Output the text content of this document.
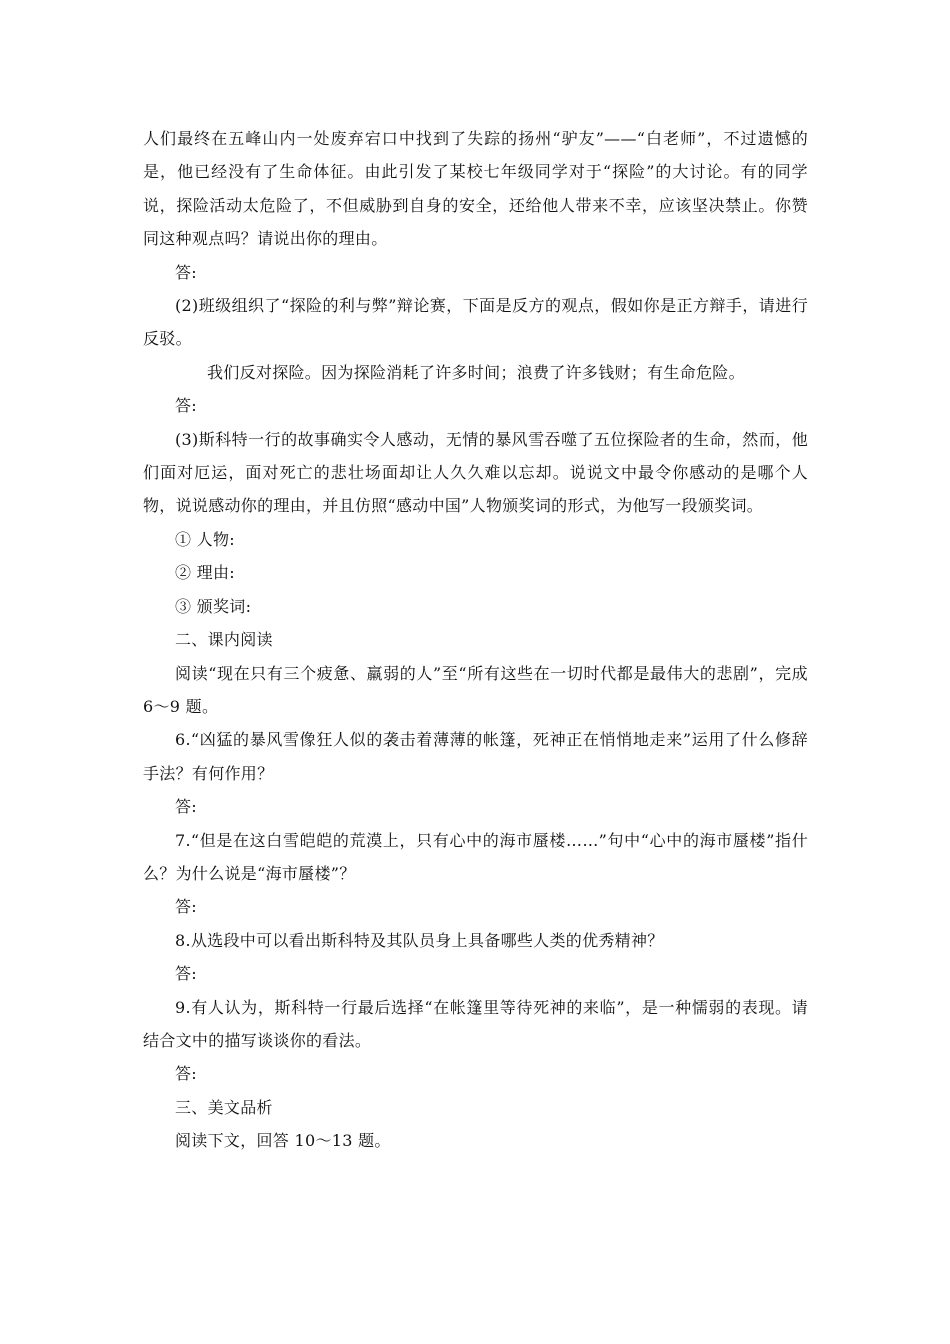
人们最终在五峰山内一处废弃宕口中找到了失踪的扬州“驴友”——“白老师”，不过遗憾的是，他已经没有了生命体征。由此引发了某校七年级同学对于“探险”的大讨论。有的同学说，探险活动太危险了，不但威胁到自身的安全，还给他人带来不幸，应该坚决禁止。你赞同这种观点吗？请说出你的理由。

答:

(2)班级组织了“探险的利与弊”辩论赛，下面是反方的观点，假如你是正方辩手，请进行反驳。

我们反对探险。因为探险消耗了许多时间；浪费了许多钱财；有生命危险。

答:

(3)斯科特一行的故事确实令人感动，无情的暴风雪吞噬了五位探险者的生命，然而，他们面对厄运，面对死亡的悲壮场面却让人久久难以忘却。说说文中最令你感动的是哪个人物，说说感动你的理由，并且仿照“感动中国”人物颁奖词的形式，为他写一段颁奖词。

① 人物:

② 理由:

③ 颁奖词:

二、课内阅读

阅读“现在只有三个疲惫、羸弱的人”至“所有这些在一切时代都是最伟大的悲剧”，完成 6～9 题。

6.“凶猛的暴风雪像狂人似的袭击着薄薄的帐篷，死神正在悄悄地走来”运用了什么修辞手法？有何作用？

答:

7.“但是在这白雪皑皑的荒漠上，只有心中的海市蜃楼……”句中“心中的海市蜃楼”指什么？为什么说是“海市蜃楼”？

答:

8.从选段中可以看出斯科特及其队员身上具备哪些人类的优秀精神？

答:

9.有人认为，斯科特一行最后选择“在帐篷里等待死神的来临”，是一种懦弱的表现。请结合文中的描写谈谈你的看法。

答:

三、美文品析

阅读下文，回答 10～13 题。
